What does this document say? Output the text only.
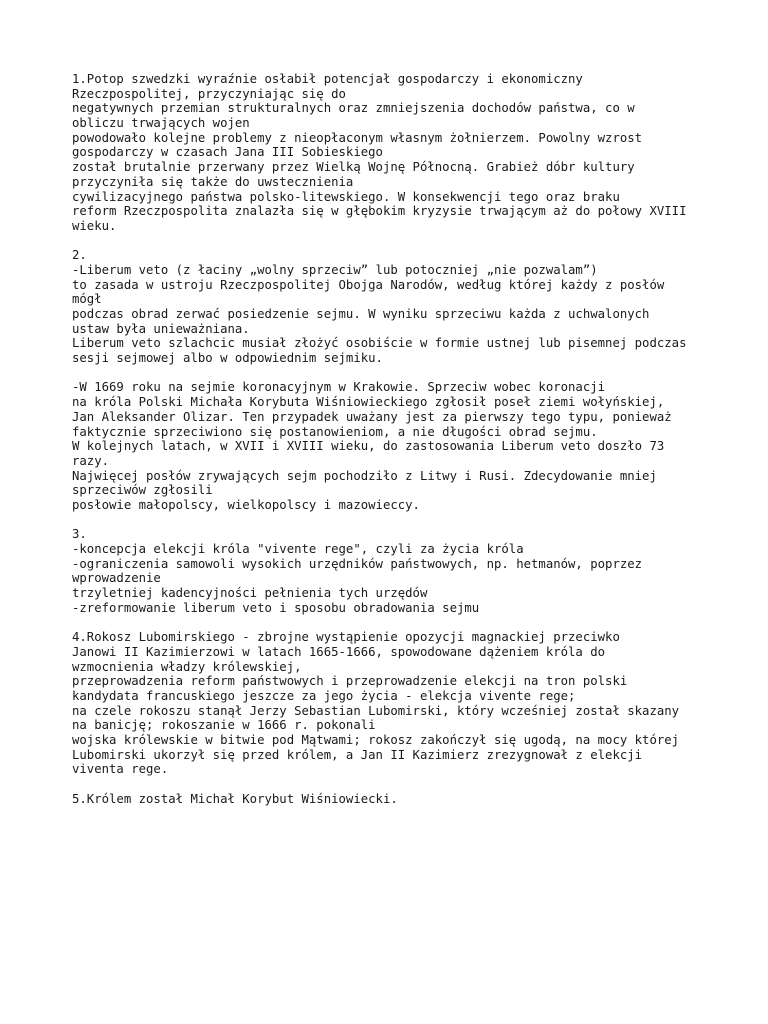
1.Potop szwedzki wyraźnie osłabił potencjał gospodarczy i ekonomiczny
Rzeczpospolitej, przyczyniając się do
negatywnych przemian strukturalnych oraz zmniejszenia dochodów państwa, co w
obliczu trwających wojen
powodowało kolejne problemy z nieopłaconym własnym żołnierzem. Powolny wzrost
gospodarczy w czasach Jana III Sobieskiego
został brutalnie przerwany przez Wielką Wojnę Północną. Grabież dóbr kultury
przyczyniła się także do uwstecznienia
cywilizacyjnego państwa polsko-litewskiego. W konsekwencji tego oraz braku
reform Rzeczpospolita znalazła się w głębokim kryzysie trwającym aż do połowy XVIII
wieku.
2.
-Liberum veto (z łaciny „wolny sprzeciw” lub potoczniej „nie pozwalam”)
to zasada w ustroju Rzeczpospolitej Obojga Narodów, według której każdy z posłów
mógł
podczas obrad zerwać posiedzenie sejmu. W wyniku sprzeciwu każda z uchwalonych
ustaw była unieważniana.
Liberum veto szlachcic musiał złożyć osobiście w formie ustnej lub pisemnej podczas
sesji sejmowej albo w odpowiednim sejmiku.
-W 1669 roku na sejmie koronacyjnym w Krakowie. Sprzeciw wobec koronacji
na króla Polski Michała Korybuta Wiśniowieckiego zgłosił poseł ziemi wołyńskiej,
Jan Aleksander Olizar. Ten przypadek uważany jest za pierwszy tego typu, ponieważ
faktycznie sprzeciwiono się postanowieniom, a nie długości obrad sejmu.
W kolejnych latach, w XVII i XVIII wieku, do zastosowania Liberum veto doszło 73
razy.
Najwięcej posłów zrywających sejm pochodziło z Litwy i Rusi. Zdecydowanie mniej
sprzeciwów zgłosili
posłowie małopolscy, wielkopolscy i mazowieccy.
3.
-koncepcja elekcji króla "vivente rege", czyli za życia króla
-ograniczenia samowoli wysokich urzędników państwowych, np. hetmanów, poprzez
wprowadzenie
trzyletniej kadencyjności pełnienia tych urzędów
-zreformowanie liberum veto i sposobu obradowania sejmu
4.Rokosz Lubomirskiego - zbrojne wystąpienie opozycji magnackiej przeciwko
Janowi II Kazimierzowi w latach 1665-1666, spowodowane dążeniem króla do
wzmocnienia władzy królewskiej,
przeprowadzenia reform państwowych i przeprowadzenie elekcji na tron polski
kandydata francuskiego jeszcze za jego życia - elekcja vivente rege;
na czele rokoszu stanął Jerzy Sebastian Lubomirski, który wcześniej został skazany
na banicję; rokoszanie w 1666 r. pokonali
wojska królewskie w bitwie pod Mątwami; rokosz zakończył się ugodą, na mocy której
Lubomirski ukorzył się przed królem, a Jan II Kazimierz zrezygnował z elekcji
viventa rege.
5.Królem został Michał Korybut Wiśniowiecki.
